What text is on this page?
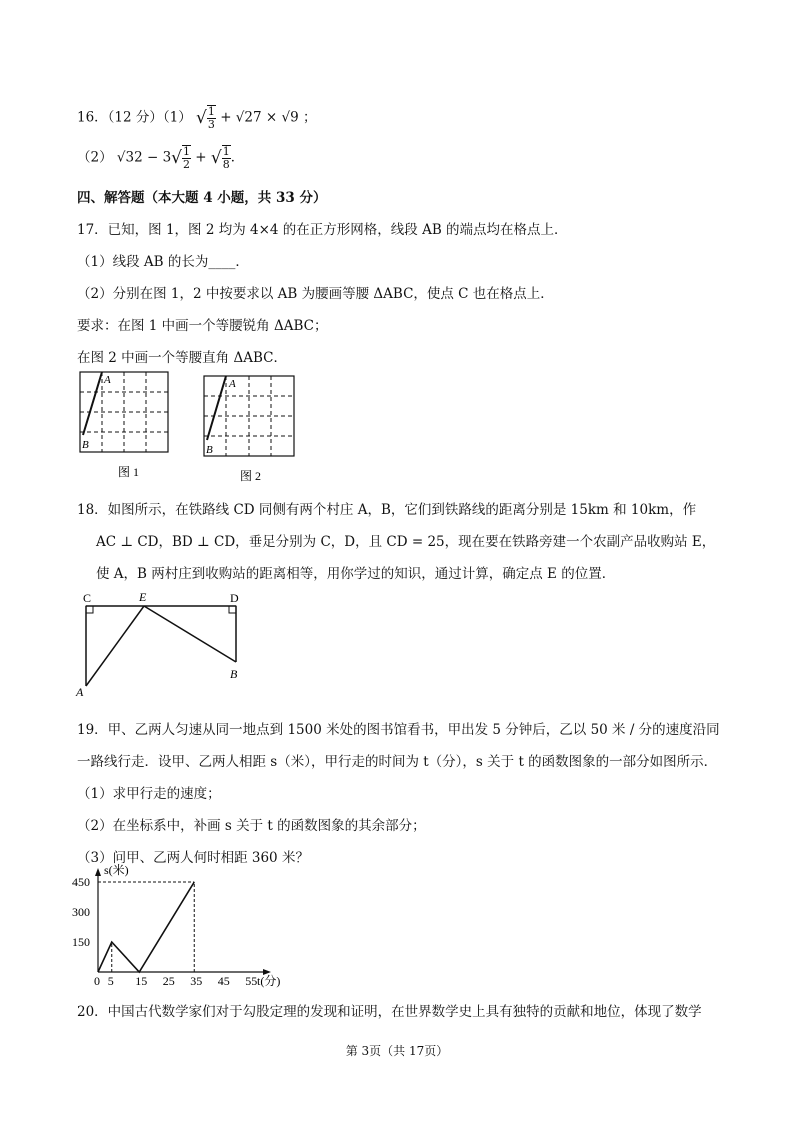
16．（12 分）（1） √ $\frac{1}{3} + √27 \times √9$ ；
（2） $√32 - 3√ \frac{1}{2}$ + √ $\frac{1}{8}$ ．
四、解答题（本大题 4 小题，共 33 分）
17．已知，图 1，图 2 均为 4×4 的在正方形网格，线段 AB 的端点均在格点上．
（1）线段 AB 的长为____．
（2）分别在图 1，2 中按要求以 AB 为腰画等腰 ΔABC，使点 C 也在格点上．
要求：在图 1 中画一个等腰锐角 ΔABC；
在图 2 中画一个等腰直角 ΔABC．
A
B
图 1
A
B
图 2
18．如图所示，在铁路线 CD 同侧有两个村庄 A，B，它们到铁路线的距离分别是 15km 和 10km，作
AC ⊥ CD，BD ⊥ CD，垂足分别为 C，D，且 CD = 25，现在要在铁路旁建一个农副产品收购站 E，
使 A，B 两村庄到收购站的距离相等，用你学过的知识，通过计算，确定点 E 的位置．
C	E	D
A
B
19．甲、乙两人匀速从同一地点到 1500 米处的图书馆看书，甲出发 5 分钟后，乙以 50 米 / 分的速度沿同
一路线行走．设甲、乙两人相距 s（米），甲行走的时间为 t（分），s 关于 t 的函数图象的一部分如图所示．
（1）求甲行走的速度；
（2）在坐标系中，补画 s 关于 t 的函数图象的其余部分；
（3）问甲、乙两人何时相距 360 米？
0 5 15 25 35 45 55
150
300
450
s(米)
t(分)
20．中国古代数学家们对于勾股定理的发现和证明，在世界数学史上具有独特的贡献和地位，体现了数学
第 3页（共 17页）
